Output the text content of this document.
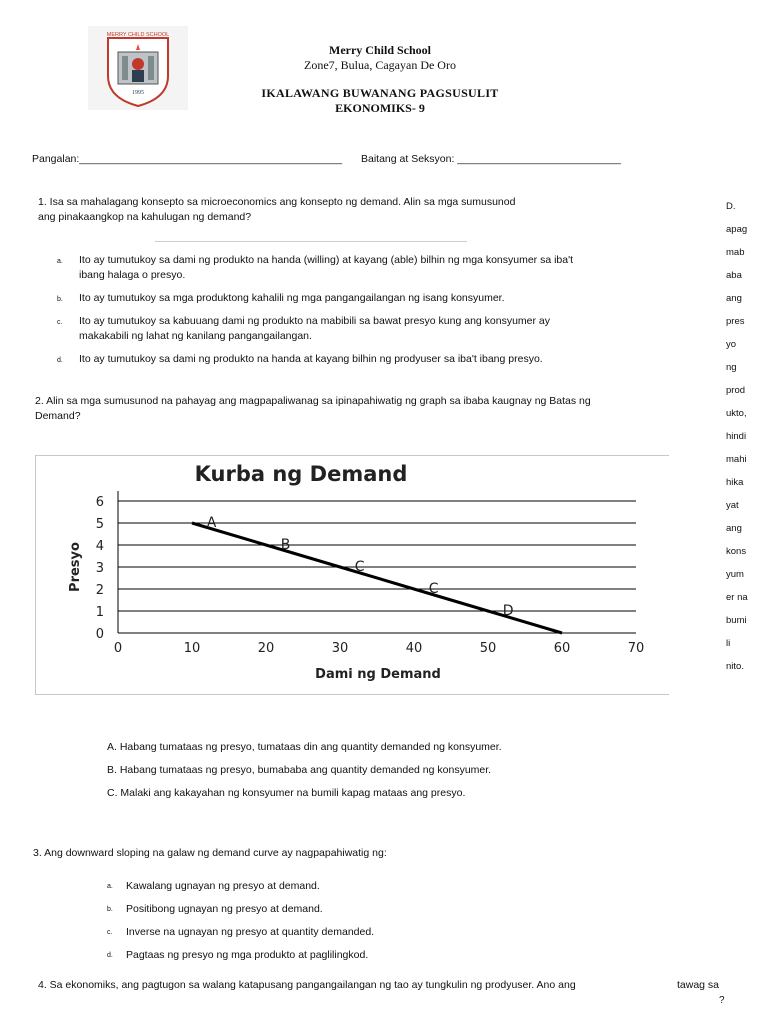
MERRY CHILD SCHOOL
1995
Merry Child School
Zone7, Bulua, Cagayan De Oro
IKALAWANG BUWANANG PAGSUSULIT
EKONOMIKS- 9
Pangalan:_____________________________________________ Baitang at Seksyon: ____________________________
1. Isa sa mahalagang konsepto sa microeconomics ang konsepto ng demand. Alin sa mga sumusunod
ang pinakaangkop na kahulugan ng demand?
a. Ito ay tumutukoy sa dami ng produkto na handa (willing) at kayang (able) bilhin ng mga konsyumer sa iba't
ibang halaga o presyo.
b. Ito ay tumutukoy sa mga produktong kahalili ng mga pangangailangan ng isang konsyumer.
c. Ito ay tumutukoy sa kabuuang dami ng produkto na mabibili sa bawat presyo kung ang konsyumer ay
makakabili ng lahat ng kanilang pangangailangan.
d. Ito ay tumutukoy sa dami ng produkto na handa at kayang bilhin ng prodyuser sa iba't ibang presyo.
D.
apag
mab
aba
ang
pres
yo
ng
prod
ukto,
hindi
mahi
hika
yat
ang
kons
yum
er na
bumi
li
nito.
2. Alin sa mga sumusunod na pahayag ang magpapaliwanag sa ipinapahiwatig ng graph sa ibaba kaugnay ng Batas ng
Demand?
Kurba ng Demand
0
1
2
3
4
5
6
0	10	20	30	40	50	60	70
Dami ng Demand
Presyo
A
B
C
C
D
A. Habang tumataas ng presyo, tumataas din ang quantity demanded ng konsyumer.
B. Habang tumataas ng presyo, bumababa ang quantity demanded ng konsyumer.
C. Malaki ang kakayahan ng konsyumer na bumili kapag mataas ang presyo.
3. Ang downward sloping na galaw ng demand curve ay nagpapahiwatig ng:
a. Kawalang ugnayan ng presyo at demand.
b. Positibong ugnayan ng presyo at demand.
c. Inverse na ugnayan ng presyo at quantity demanded.
d. Pagtaas ng presyo ng mga produkto at paglilingkod.
4. Sa ekonomiks, ang pagtugon sa walang katapusang pangangailangan ng tao ay tungkulin ng prodyuser. Ano ang	tawag sa
?
